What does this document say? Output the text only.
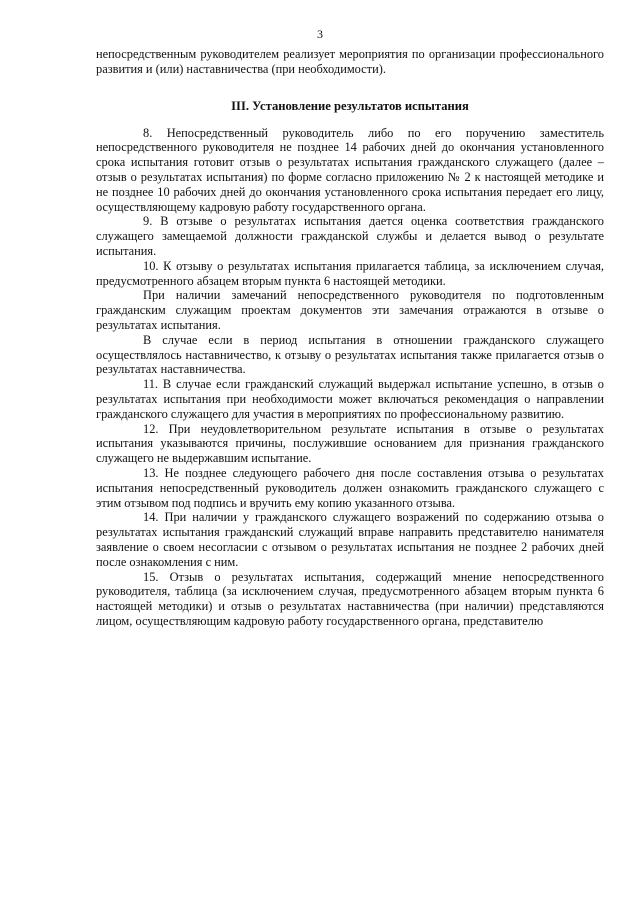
3

непосредственным руководителем реализует мероприятия по организации профессионального развития и (или) наставничества (при необходимости).

III. Установление результатов испытания

8. Непосредственный руководитель либо по его поручению заместитель непосредственного руководителя не позднее 14 рабочих дней до окончания установленного срока испытания готовит отзыв о результатах испытания гражданского служащего (далее – отзыв о результатах испытания) по форме согласно приложению № 2 к настоящей методике и не позднее 10 рабочих дней до окончания установленного срока испытания передает его лицу, осуществляющему кадровую работу государственного органа.

9. В отзыве о результатах испытания дается оценка соответствия гражданского служащего замещаемой должности гражданской службы и делается вывод о результате испытания.

10. К отзыву о результатах испытания прилагается таблица, за исключением случая, предусмотренного абзацем вторым пункта 6 настоящей методики.

При наличии замечаний непосредственного руководителя по подготовленным гражданским служащим проектам документов эти замечания отражаются в отзыве о результатах испытания.

В случае если в период испытания в отношении гражданского служащего осуществлялось наставничество, к отзыву о результатах испытания также прилагается отзыв о результатах наставничества.

11. В случае если гражданский служащий выдержал испытание успешно, в отзыв о результатах испытания при необходимости может включаться рекомендация о направлении гражданского служащего для участия в мероприятиях по профессиональному развитию.

12. При неудовлетворительном результате испытания в отзыве о результатах испытания указываются причины, послужившие основанием для признания гражданского служащего не выдержавшим испытание.

13. Не позднее следующего рабочего дня после составления отзыва о результатах испытания непосредственный руководитель должен ознакомить гражданского служащего с этим отзывом под подпись и вручить ему копию указанного отзыва.

14. При наличии у гражданского служащего возражений по содержанию отзыва о результатах испытания гражданский служащий вправе направить представителю нанимателя заявление о своем несогласии с отзывом о результатах испытания не позднее 2 рабочих дней после ознакомления с ним.

15. Отзыв о результатах испытания, содержащий мнение непосредственного руководителя, таблица (за исключением случая, предусмотренного абзацем вторым пункта 6 настоящей методики) и отзыв о результатах наставничества (при наличии) представляются лицом, осуществляющим кадровую работу государственного органа, представителю
